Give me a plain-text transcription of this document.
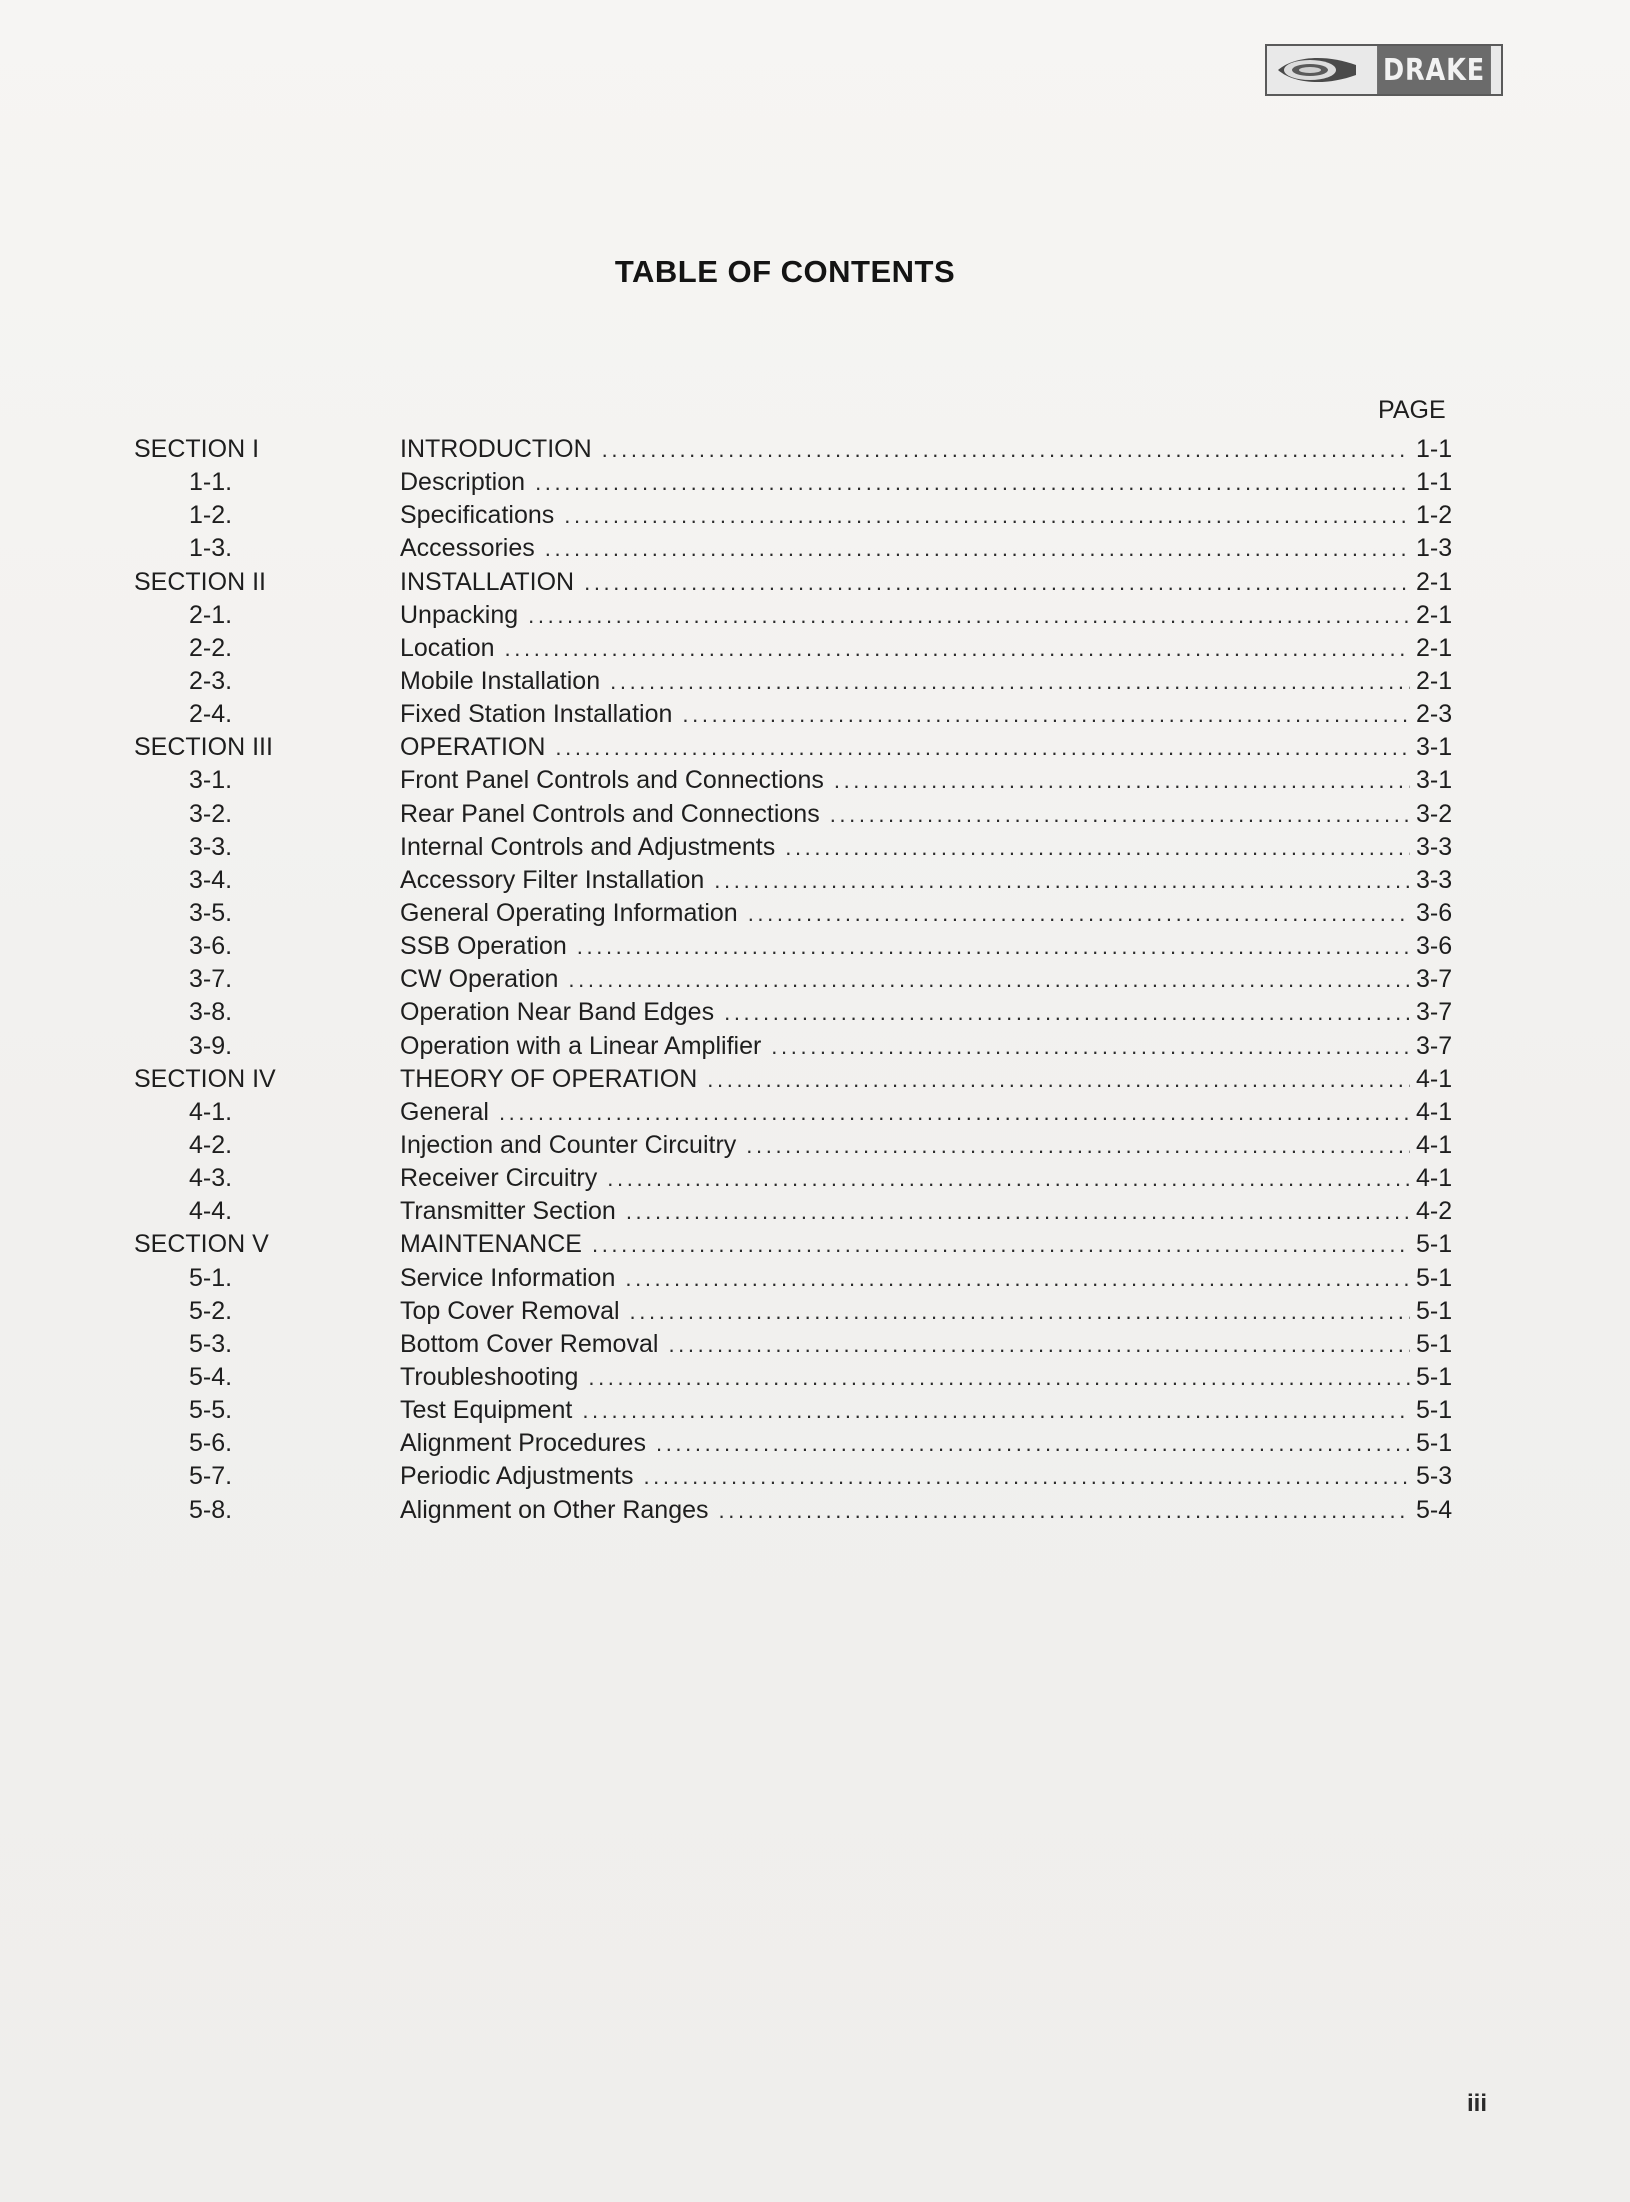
DRAKE
TABLE OF CONTENTS
PAGE
SECTION I	INTRODUCTION . . .	1-1
1-1.	Description . . .	1-1
1-2.	Specifications . . .	1-2
1-3.	Accessories . . .	1-3
SECTION II	INSTALLATION . . .	2-1
2-1.	Unpacking . . .	2-1
2-2.	Location . . .	2-1
2-3.	Mobile Installation . . .	2-1
2-4.	Fixed Station Installation . . .	2-3
SECTION III	OPERATION . . .	3-1
3-1.	Front Panel Controls and Connections . . .	3-1
3-2.	Rear Panel Controls and Connections . . .	3-2
3-3.	Internal Controls and Adjustments . . .	3-3
3-4.	Accessory Filter Installation . . .	3-3
3-5.	General Operating Information . . .	3-6
3-6.	SSB Operation . . .	3-6
3-7.	CW Operation . . .	3-7
3-8.	Operation Near Band Edges . . .	3-7
3-9.	Operation with a Linear Amplifier . . .	3-7
SECTION IV	THEORY OF OPERATION . . .	4-1
4-1.	General . . .	4-1
4-2.	Injection and Counter Circuitry . . .	4-1
4-3.	Receiver Circuitry . . .	4-1
4-4.	Transmitter Section . . .	4-2
SECTION V	MAINTENANCE . . .	5-1
5-1.	Service Information . . .	5-1
5-2.	Top Cover Removal . . .	5-1
5-3.	Bottom Cover Removal . . .	5-1
5-4.	Troubleshooting . . .	5-1
5-5.	Test Equipment . . .	5-1
5-6.	Alignment Procedures . . .	5-1
5-7.	Periodic Adjustments . . .	5-3
5-8.	Alignment on Other Ranges . . .	5-4
iii
